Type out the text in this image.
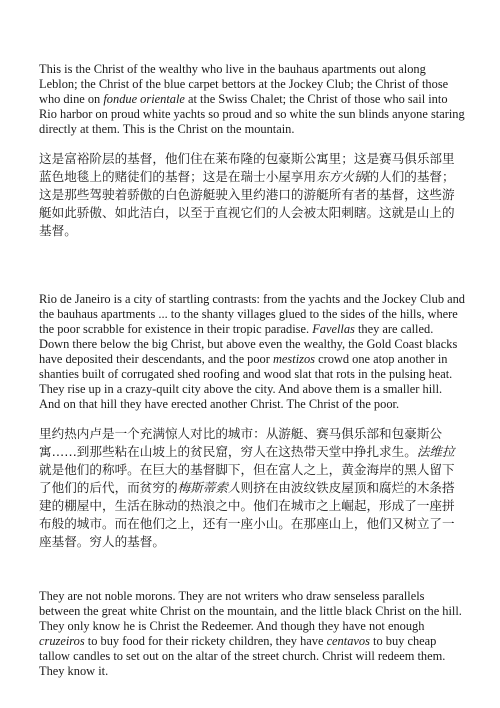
This is the Christ of the wealthy who live in the bauhaus apartments out along Leblon; the Christ of the blue carpet bettors at the Jockey Club; the Christ of those who dine on fondue orientale at the Swiss Chalet; the Christ of those who sail into Rio harbor on proud white yachts so proud and so white the sun blinds anyone staring directly at them. This is the Christ on the mountain.

这是富裕阶层的基督，他们住在莱布隆的包豪斯公寓里；这是赛马俱乐部里蓝色地毯上的赌徒们的基督；这是在瑞士小屋享用东方火锅的人们的基督；这是那些驾驶着骄傲的白色游艇驶入里约港口的游艇所有者的基督，这些游艇如此骄傲、如此洁白，以至于直视它们的人会被太阳刺瞎。这就是山上的基督。

Rio de Janeiro is a city of startling contrasts: from the yachts and the Jockey Club and the bauhaus apartments ... to the shanty villages glued to the sides of the hills, where the poor scrabble for existence in their tropic paradise. Favellas they are called. Down there below the big Christ, but above even the wealthy, the Gold Coast blacks have deposited their descendants, and the poor mestizos crowd one atop another in shanties built of corrugated shed roofing and wood slat that rots in the pulsing heat. They rise up in a crazy-quilt city above the city. And above them is a smaller hill. And on that hill they have erected another Christ. The Christ of the poor.

里约热内卢是一个充满惊人对比的城市：从游艇、赛马俱乐部和包豪斯公寓……到那些粘在山坡上的贫民窟，穷人在这热带天堂中挣扎求生。法维拉就是他们的称呼。在巨大的基督脚下，但在富人之上，黄金海岸的黑人留下了他们的后代，而贫穷的梅斯蒂索人则挤在由波纹铁皮屋顶和腐烂的木条搭建的棚屋中，生活在脉动的热浪之中。他们在城市之上崛起，形成了一座拼布般的城市。而在他们之上，还有一座小山。在那座山上，他们又树立了一座基督。穷人的基督。

They are not noble morons. They are not writers who draw senseless parallels between the great white Christ on the mountain, and the little black Christ on the hill. They only know he is Christ the Redeemer. And though they have not enough cruzeiros to buy food for their rickety children, they have centavos to buy cheap tallow candles to set out on the altar of the street church. Christ will redeem them. They know it.
